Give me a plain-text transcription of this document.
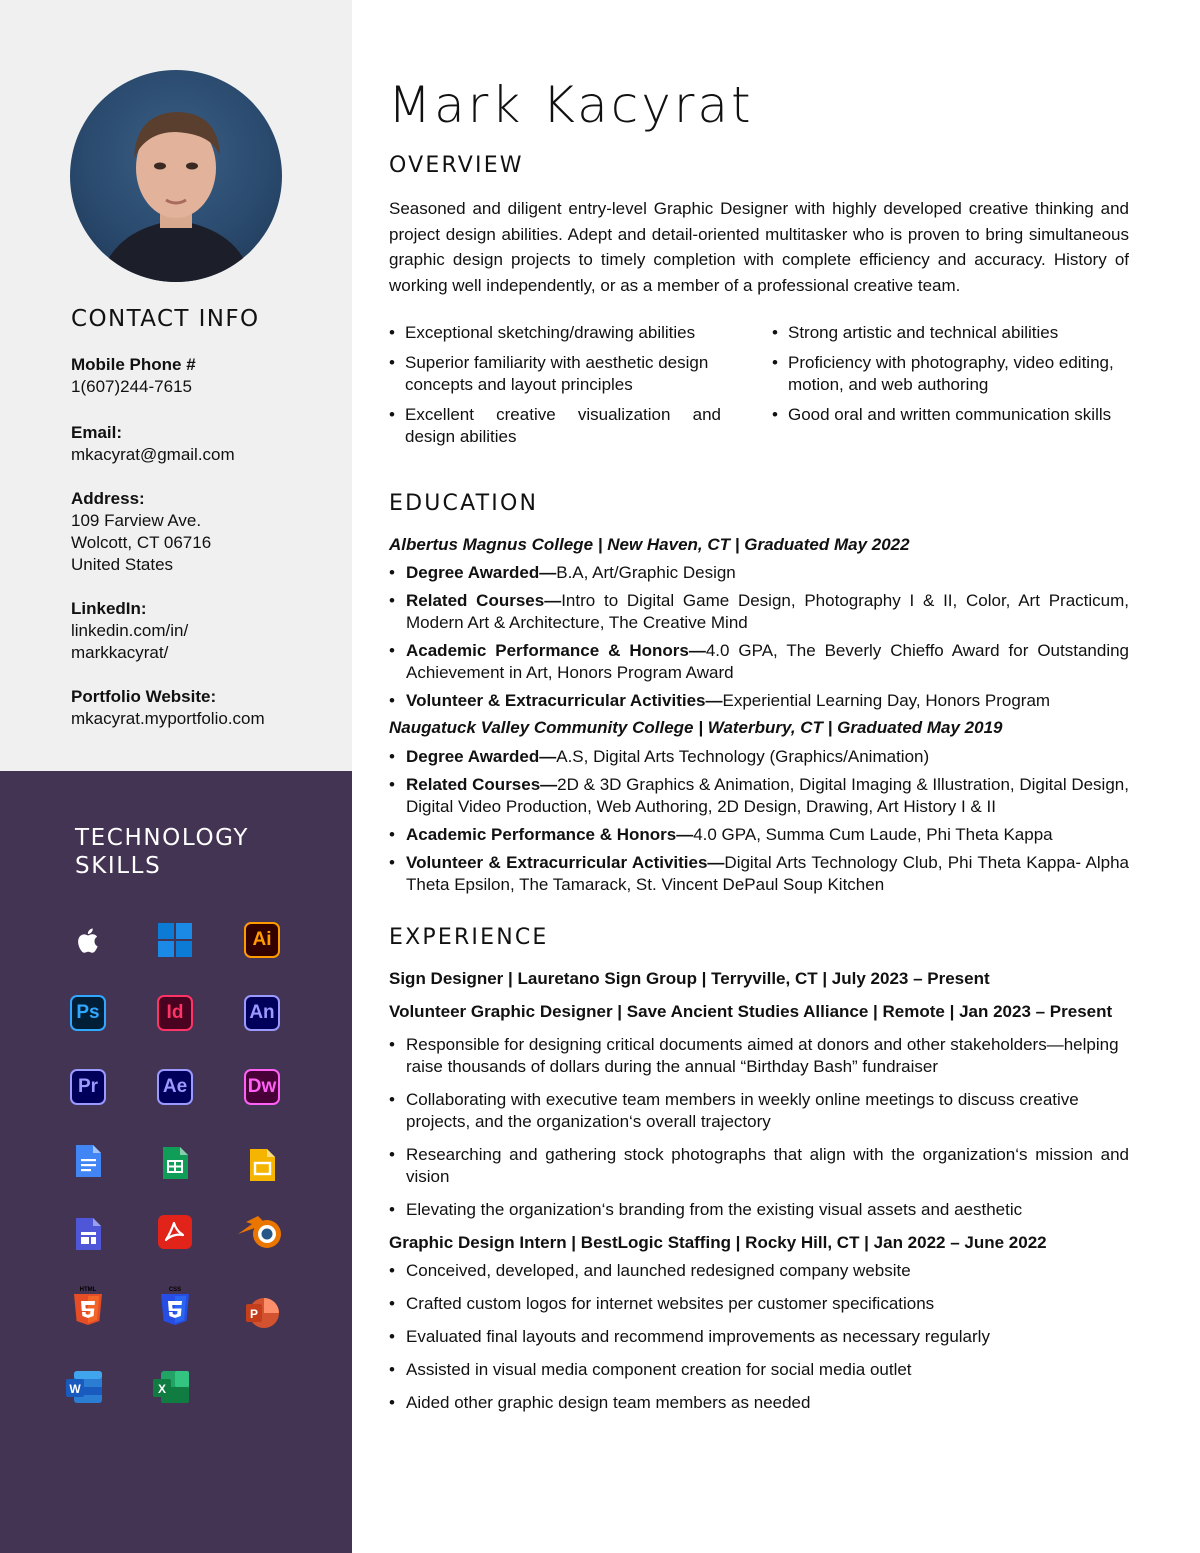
CONTACT INFO
Mobile Phone #
1(607)244-7615
Email:
mkacyrat@gmail.com
Address:
109 Farview Ave.
Wolcott, CT 06716
United States
LinkedIn:
linkedin.com/in/
markkacyrat/
Portfolio Website:
mkacyrat.myportfolio.com
TECHNOLOGY
SKILLS
Ai
Ps	Id	An
Pr	Ae	Dw
HTML	CSS
P
W	X
Mark Kacyrat
OVERVIEW

Seasoned and diligent entry-level Graphic Designer with highly developed creative thinking and project design abilities. Adept and detail-oriented multitasker who is proven to bring simultaneous graphic design projects to timely completion with complete efficiency and accuracy. History of working well independently, or as a member of a professional creative team.

• Exceptional sketching/drawing abilities
• Superior familiarity with aesthetic design concepts and layout principles
• Excellent creative visualization and design abilities
• Strong artistic and technical abilities
• Proficiency with photography, video editing, motion, and web authoring
• Good oral and written communication skills
EDUCATION
Albertus Magnus College | New Haven, CT | Graduated May 2022
• Degree Awarded—B.A, Art/Graphic Design
• Related Courses—Intro to Digital Game Design, Photography I & II, Color, Art Practicum, Modern Art & Architecture, The Creative Mind
• Academic Performance & Honors—4.0 GPA, The Beverly Chieffo Award for Outstanding Achievement in Art, Honors Program Award
• Volunteer & Extracurricular Activities—Experiential Learning Day, Honors Program
Naugatuck Valley Community College | Waterbury, CT | Graduated May 2019
• Degree Awarded—A.S, Digital Arts Technology (Graphics/Animation)
• Related Courses—2D & 3D Graphics & Animation, Digital Imaging & Illustration, Digital Design, Digital Video Production, Web Authoring, 2D Design, Drawing, Art History I & II
• Academic Performance & Honors—4.0 GPA, Summa Cum Laude, Phi Theta Kappa
• Volunteer & Extracurricular Activities—Digital Arts Technology Club, Phi Theta Kappa- Alpha Theta Epsilon, The Tamarack, St. Vincent DePaul Soup Kitchen
EXPERIENCE
Sign Designer | Lauretano Sign Group | Terryville, CT | July 2023 – Present
Volunteer Graphic Designer | Save Ancient Studies Alliance | Remote | Jan 2023 – Present
• Responsible for designing critical documents aimed at donors and other stakeholders—helping raise thousands of dollars during the annual “Birthday Bash” fundraiser
• Collaborating with executive team members in weekly online meetings to discuss creative projects, and the organization‘s overall trajectory
• Researching and gathering stock photographs that align with the organization‘s mission and vision
• Elevating the organization‘s branding from the existing visual assets and aesthetic
Graphic Design Intern | BestLogic Staffing | Rocky Hill, CT | Jan 2022 – June 2022
• Conceived, developed, and launched redesigned company website
• Crafted custom logos for internet websites per customer specifications
• Evaluated final layouts and recommend improvements as necessary regularly
• Assisted in visual media component creation for social media outlet
• Aided other graphic design team members as needed
